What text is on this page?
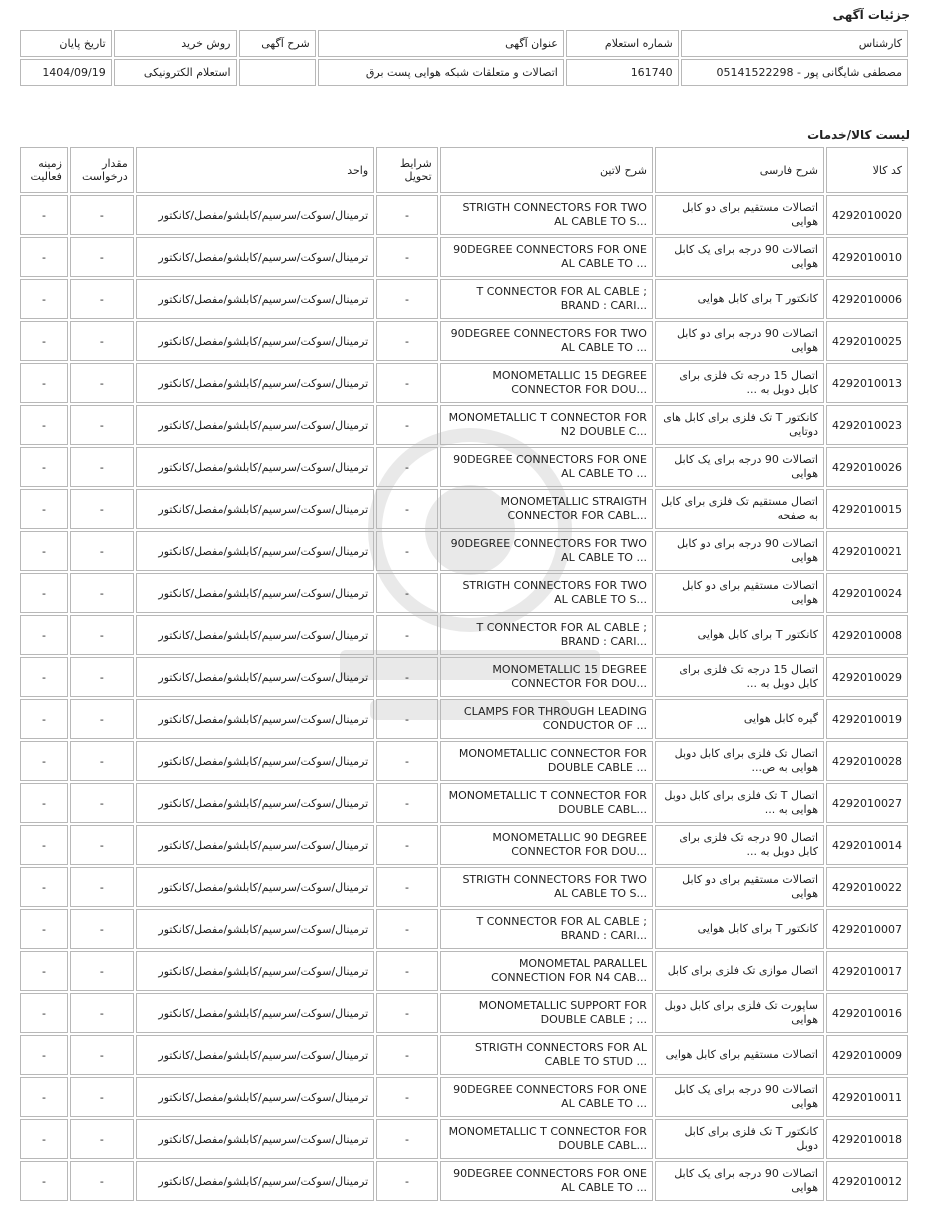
جزئیات آگهی
کارشناس	شماره استعلام	عنوان آگهی	شرح آگهی	روش خرید	تاریخ پایان
مصطفی شایگانی پور - 05141522298	161740	اتصالات و متعلقات شبکه هوایی پست برق		استعلام الکترونیکی	1404/09/19
لیست کالا/خدمات
کد کالا	شرح فارسی	شرح لاتین	شرایط تحویل	واحد	مقدار درخواست	زمینه فعالیت
4292010020	اتصالات مستقیم برای دو کابل هوایی	STRIGTH CONNECTORS FOR TWO AL CABLE TO S...	-	ترمینال/سوکت/سرسیم/کابلشو/مفصل/کانکتور	-	-
4292010010	اتصالات 90 درجه برای یک کابل هوایی	90DEGREE CONNECTORS FOR ONE AL CABLE TO ...	-	ترمینال/سوکت/سرسیم/کابلشو/مفصل/کانکتور	-	-
4292010006	کانکتور T برای کابل هوایی	T CONNECTOR FOR AL CABLE ; BRAND : CARI...	-	ترمینال/سوکت/سرسیم/کابلشو/مفصل/کانکتور	-	-
4292010025	اتصالات 90 درجه برای دو کابل هوایی	90DEGREE CONNECTORS FOR TWO AL CABLE TO ...	-	ترمینال/سوکت/سرسیم/کابلشو/مفصل/کانکتور	-	-
4292010013	اتصال 15 درجه تک فلزی برای کابل دوبل به ...	MONOMETALLIC 15 DEGREE CONNECTOR FOR DOU...	-	ترمینال/سوکت/سرسیم/کابلشو/مفصل/کانکتور	-	-
4292010023	کانکتور T تک فلزی برای کابل های دوتایی	MONOMETALLIC T CONNECTOR FOR N2 DOUBLE C...	-	ترمینال/سوکت/سرسیم/کابلشو/مفصل/کانکتور	-	-
4292010026	اتصالات 90 درجه برای یک کابل هوایی	90DEGREE CONNECTORS FOR ONE AL CABLE TO ...	-	ترمینال/سوکت/سرسیم/کابلشو/مفصل/کانکتور	-	-
4292010015	اتصال مستقیم تک فلزی برای کابل به صفحه	MONOMETALLIC STRAIGTH CONNECTOR FOR CABL...	-	ترمینال/سوکت/سرسیم/کابلشو/مفصل/کانکتور	-	-
4292010021	اتصالات 90 درجه برای دو کابل هوایی	90DEGREE CONNECTORS FOR TWO AL CABLE TO ...	-	ترمینال/سوکت/سرسیم/کابلشو/مفصل/کانکتور	-	-
4292010024	اتصالات مستقیم برای دو کابل هوایی	STRIGTH CONNECTORS FOR TWO AL CABLE TO S...	-	ترمینال/سوکت/سرسیم/کابلشو/مفصل/کانکتور	-	-
4292010008	کانکتور T برای کابل هوایی	T CONNECTOR FOR AL CABLE ; BRAND : CARI...	-	ترمینال/سوکت/سرسیم/کابلشو/مفصل/کانکتور	-	-
4292010029	اتصال 15 درجه تک فلزی برای کابل دوبل به ...	MONOMETALLIC 15 DEGREE CONNECTOR FOR DOU...	-	ترمینال/سوکت/سرسیم/کابلشو/مفصل/کانکتور	-	-
4292010019	گیره کابل هوایی	CLAMPS FOR THROUGH LEADING CONDUCTOR OF ...	-	ترمینال/سوکت/سرسیم/کابلشو/مفصل/کانکتور	-	-
4292010028	اتصال تک فلزی برای کابل دوبل هوایی به ص...	MONOMETALLIC CONNECTOR FOR DOUBLE CABLE ...	-	ترمینال/سوکت/سرسیم/کابلشو/مفصل/کانکتور	-	-
4292010027	اتصال T تک فلزی برای کابل دوبل هوایی به ...	MONOMETALLIC T CONNECTOR FOR DOUBLE CABL...	-	ترمینال/سوکت/سرسیم/کابلشو/مفصل/کانکتور	-	-
4292010014	اتصال 90 درجه تک فلزی برای کابل دوبل به ...	MONOMETALLIC 90 DEGREE CONNECTOR FOR DOU...	-	ترمینال/سوکت/سرسیم/کابلشو/مفصل/کانکتور	-	-
4292010022	اتصالات مستقیم برای دو کابل هوایی	STRIGTH CONNECTORS FOR TWO AL CABLE TO S...	-	ترمینال/سوکت/سرسیم/کابلشو/مفصل/کانکتور	-	-
4292010007	کانکتور T برای کابل هوایی	T CONNECTOR FOR AL CABLE ; BRAND : CARI...	-	ترمینال/سوکت/سرسیم/کابلشو/مفصل/کانکتور	-	-
4292010017	اتصال موازی تک فلزی برای کابل	MONOMETAL PARALLEL CONNECTION FOR N4 CAB...	-	ترمینال/سوکت/سرسیم/کابلشو/مفصل/کانکتور	-	-
4292010016	ساپورت تک فلزی برای کابل دوبل هوایی	MONOMETALLIC SUPPORT FOR DOUBLE CABLE ; ...	-	ترمینال/سوکت/سرسیم/کابلشو/مفصل/کانکتور	-	-
4292010009	اتصالات مستقیم برای کابل هوایی	STRIGTH CONNECTORS FOR AL CABLE TO STUD ...	-	ترمینال/سوکت/سرسیم/کابلشو/مفصل/کانکتور	-	-
4292010011	اتصالات 90 درجه برای یک کابل هوایی	90DEGREE CONNECTORS FOR ONE AL CABLE TO ...	-	ترمینال/سوکت/سرسیم/کابلشو/مفصل/کانکتور	-	-
4292010018	کانکتور T تک فلزی برای کابل دوبل	MONOMETALLIC T CONNECTOR FOR DOUBLE CABL...	-	ترمینال/سوکت/سرسیم/کابلشو/مفصل/کانکتور	-	-
4292010012	اتصالات 90 درجه برای یک کابل هوایی	90DEGREE CONNECTORS FOR ONE AL CABLE TO ...	-	ترمینال/سوکت/سرسیم/کابلشو/مفصل/کانکتور	-	-
